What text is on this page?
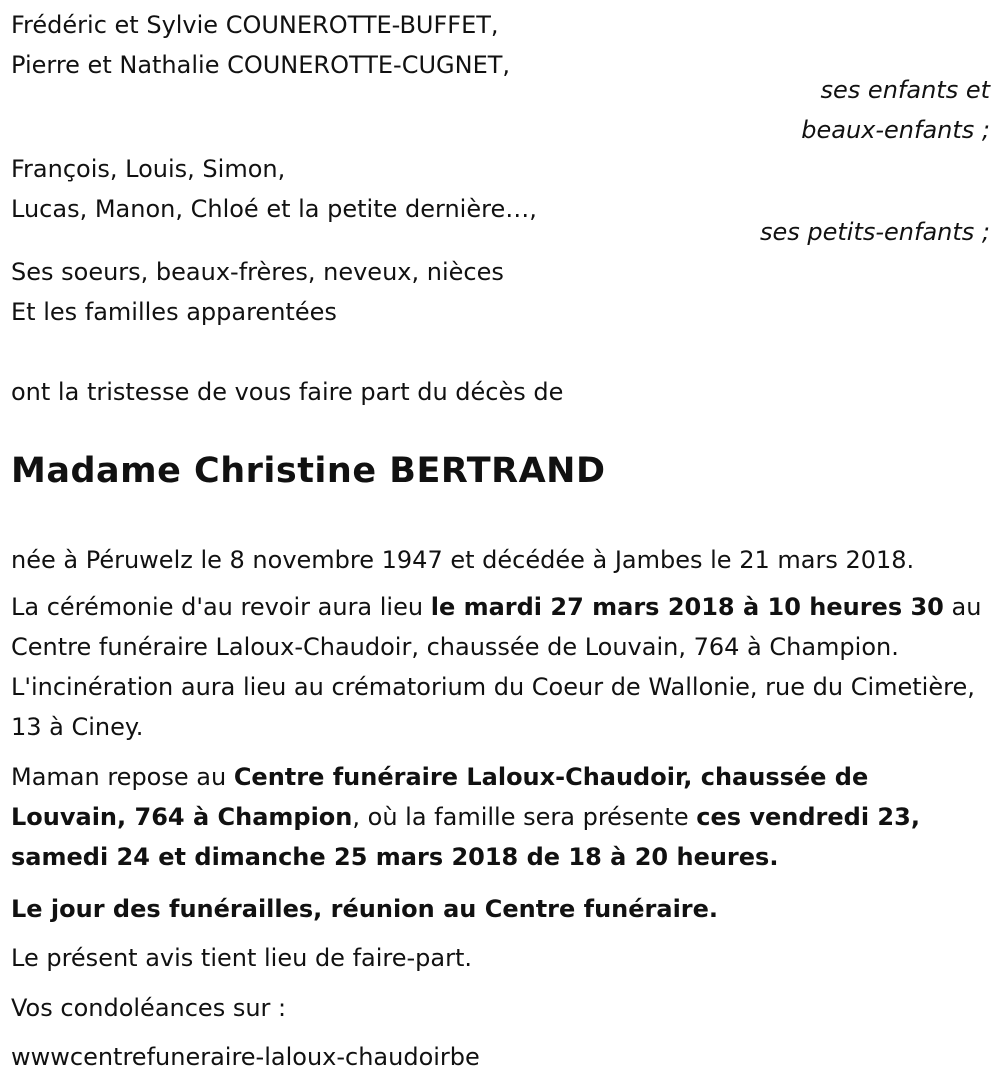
Frédéric et Sylvie COUNEROTTE-BUFFET,
Pierre et Nathalie COUNEROTTE-CUGNET,
ses enfants et
beaux-enfants ;
François, Louis, Simon,
Lucas, Manon, Chloé et la petite dernière…,
ses petits-enfants ;
Ses soeurs, beaux-frères, neveux, nièces
Et les familles apparentées
ont la tristesse de vous faire part du décès de
Madame Christine BERTRAND
née à Péruwelz le 8 novembre 1947 et décédée à Jambes le 21 mars 2018.
La cérémonie d'au revoir aura lieu le mardi 27 mars 2018 à 10 heures 30 au Centre funéraire Laloux-Chaudoir, chaussée de Louvain, 764 à Champion. L'incinération aura lieu au crématorium du Coeur de Wallonie, rue du Cimetière, 13 à Ciney.
Maman repose au Centre funéraire Laloux-Chaudoir, chaussée de Louvain, 764 à Champion, où la famille sera présente ces vendredi 23, samedi 24 et dimanche 25 mars 2018 de 18 à 20 heures.
Le jour des funérailles, réunion au Centre funéraire.
Le présent avis tient lieu de faire-part.
Vos condoléances sur :
wwwcentrefuneraire-laloux-chaudoirbe
